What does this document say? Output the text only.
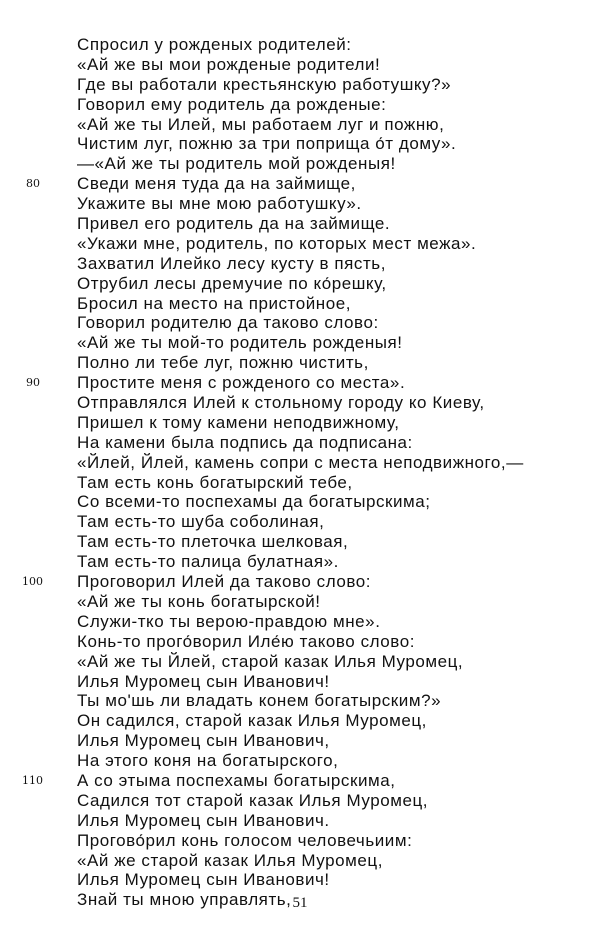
Спросил у рожденых родителей:
«Ай же вы мои рожденые родители!
Где вы работали крестьянскую работушку?»
Говорил ему родитель да рожденые:
«Ай же ты Илей, мы работаем луг и пожню,
Чистим луг, пожню за три поприща о́т дому».
—«Ай же ты родитель мой рожденыя!
80 Сведи меня туда да на займище,
Укажите вы мне мою работушку».
Привел его родитель да на займище.
«Укажи мне, родитель, по которых мест межа».
Захватил Илейко лесу кусту в пясть,
Отрубил лесы дремучие по ко́решку,
Бросил на место на пристойное,
Говорил родителю да таково слово:
«Ай же ты мой-то родитель рожденыя!
Полно ли тебе луг, пожню чистить,
90 Простите меня с рожденого со места».
Отправлялся Илей к стольному городу ко Киеву,
Пришел к тому камени неподвижному,
На камени была подпись да подписана:
«Йлей, Йлей, камень сопри с места неподвижного,—
Там есть конь богатырский тебе,
Со всеми-то поспехамы да богатырскима;
Там есть-то шуба соболиная,
Там есть-то плеточка шелковая,
Там есть-то палица булатная».
100 Проговорил Илей да таково слово:
«Ай же ты конь богатырской!
Служи-тко ты верою-правдою мне».
Конь-то прого́ворил Иле́ю таково слово:
«Ай же ты Йлей, старой казак Илья Муромец,
Илья Муромец сын Иванович!
Ты мо'шь ли владать конем богатырским?»
Он садился, старой казак Илья Муромец,
Илья Муромец сын Иванович,
На этого коня на богатырского,
110 А со этыма поспехамы богатырскима,
Садился тот старой казак Илья Муромец,
Илья Муромец сын Иванович.
Прогово́рил конь голосом человечьиим:
«Ай же старой казак Илья Муромец,
Илья Муромец сын Иванович!
Знай ты мною управлять, 51
